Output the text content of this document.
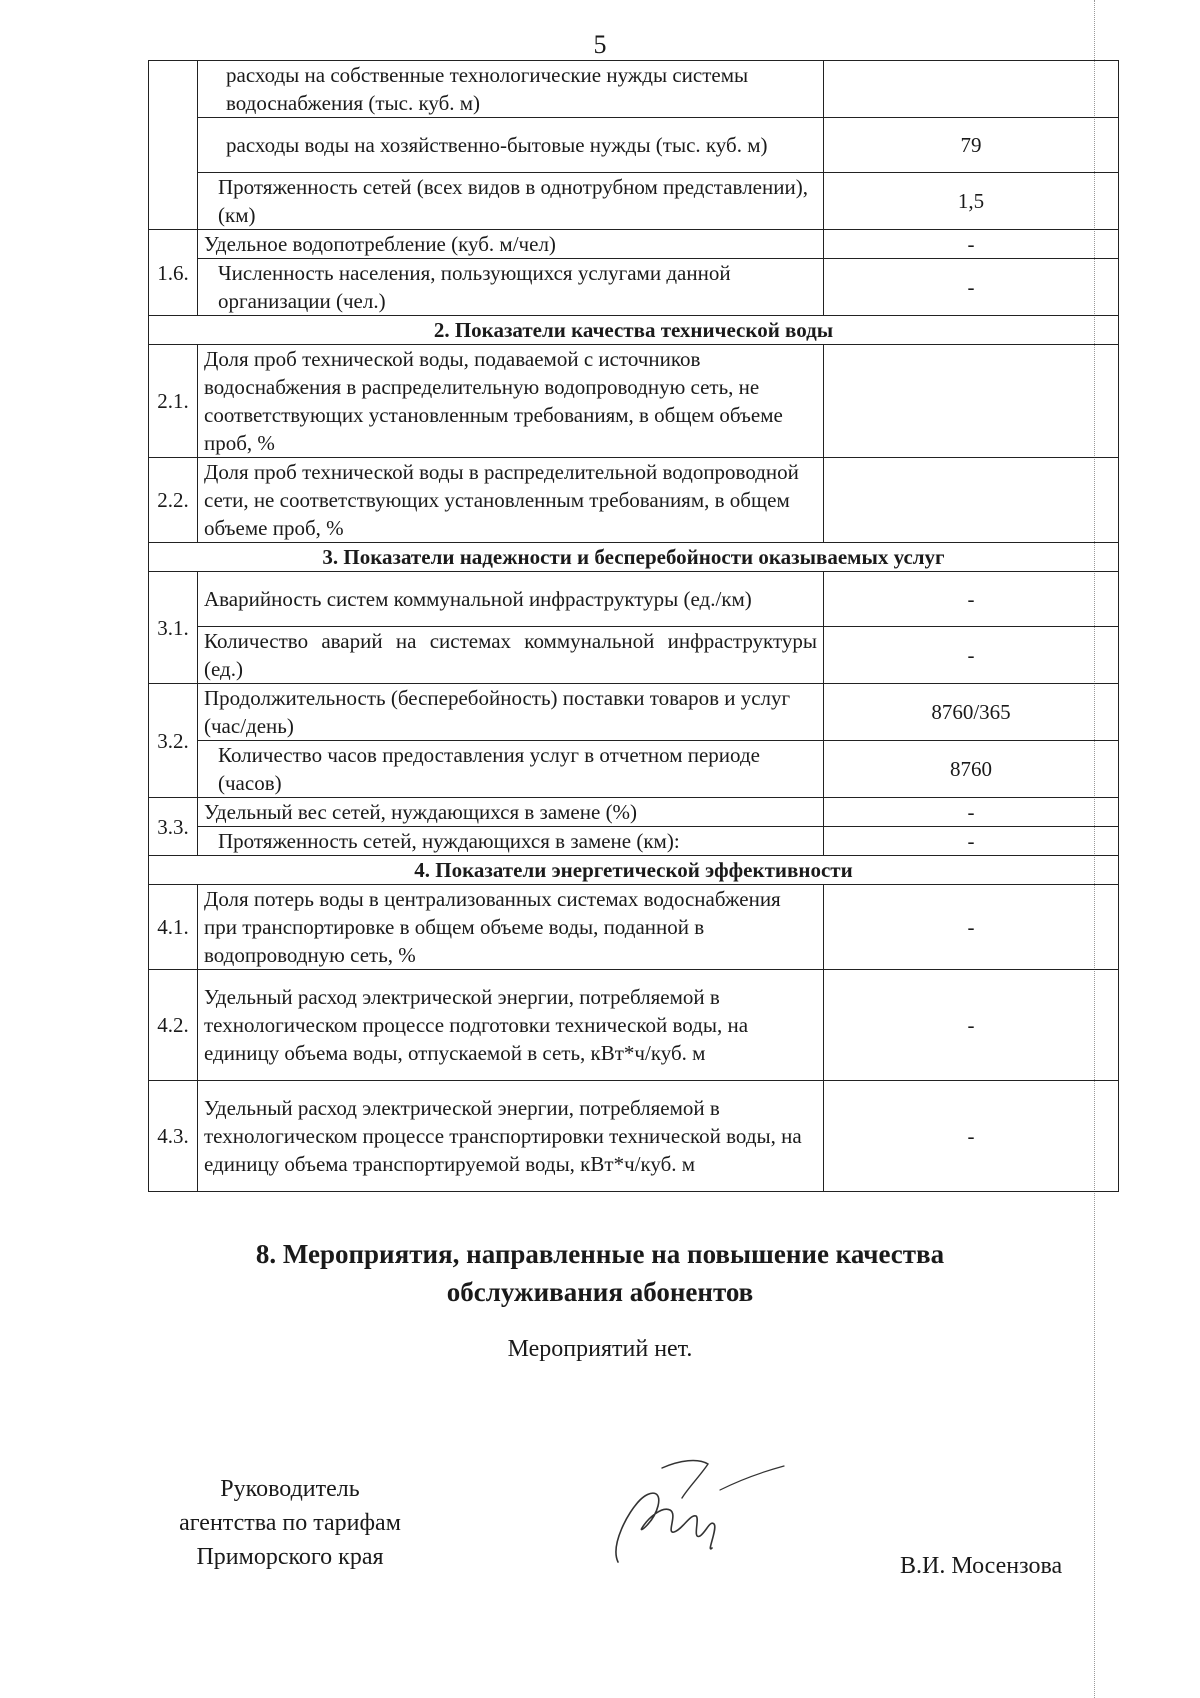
5
	расходы на собственные технологические нужды системы водоснабжения (тыс. куб. м)	
	расходы воды на хозяйственно-бытовые нужды (тыс. куб. м)	79
	Протяженность сетей (всех видов в однотрубном представлении), (км)	1,5
1.6.	Удельное водопотребление (куб. м/чел)	-
	Численность населения, пользующихся услугами данной организации (чел.)	-
2. Показатели качества технической воды		
2.1.	Доля проб технической воды, подаваемой с источников водоснабжения в распределительную водопроводную сеть, не соответствующих установленным требованиям, в общем объеме проб, %	
2.2.	Доля проб технической воды в распределительной водопроводной сети, не соответствующих установленным требованиям, в общем объеме проб, %	
3. Показатели надежности и бесперебойности оказываемых услуг		
3.1.	Аварийность систем коммунальной инфраструктуры (ед./км)	-
	Количество аварий на системах коммунальной инфраструктуры (ед.)	-
3.2.	Продолжительность (бесперебойность) поставки товаров и услуг (час/день)	8760/365
	Количество часов предоставления услуг в отчетном периоде (часов)	8760
3.3.	Удельный вес сетей, нуждающихся в замене (%)	-
	Протяженность сетей, нуждающихся в замене (км):	-
4. Показатели энергетической эффективности		
4.1.	Доля потерь воды в централизованных системах водоснабжения при транспортировке в общем объеме воды, поданной в водопроводную сеть, %	-
4.2.	Удельный расход электрической энергии, потребляемой в технологическом процессе подготовки технической воды, на единицу объема воды, отпускаемой в сеть, кВт*ч/куб. м	-
4.3.	Удельный расход электрической энергии, потребляемой в технологическом процессе транспортировки технической воды, на единицу объема транспортируемой воды, кВт*ч/куб. м	-
8. Мероприятия, направленные на повышение качества
обслуживания абонентов
Мероприятий нет.
Руководитель
агентства по тарифам
Приморского края	В.И. Мосензова
